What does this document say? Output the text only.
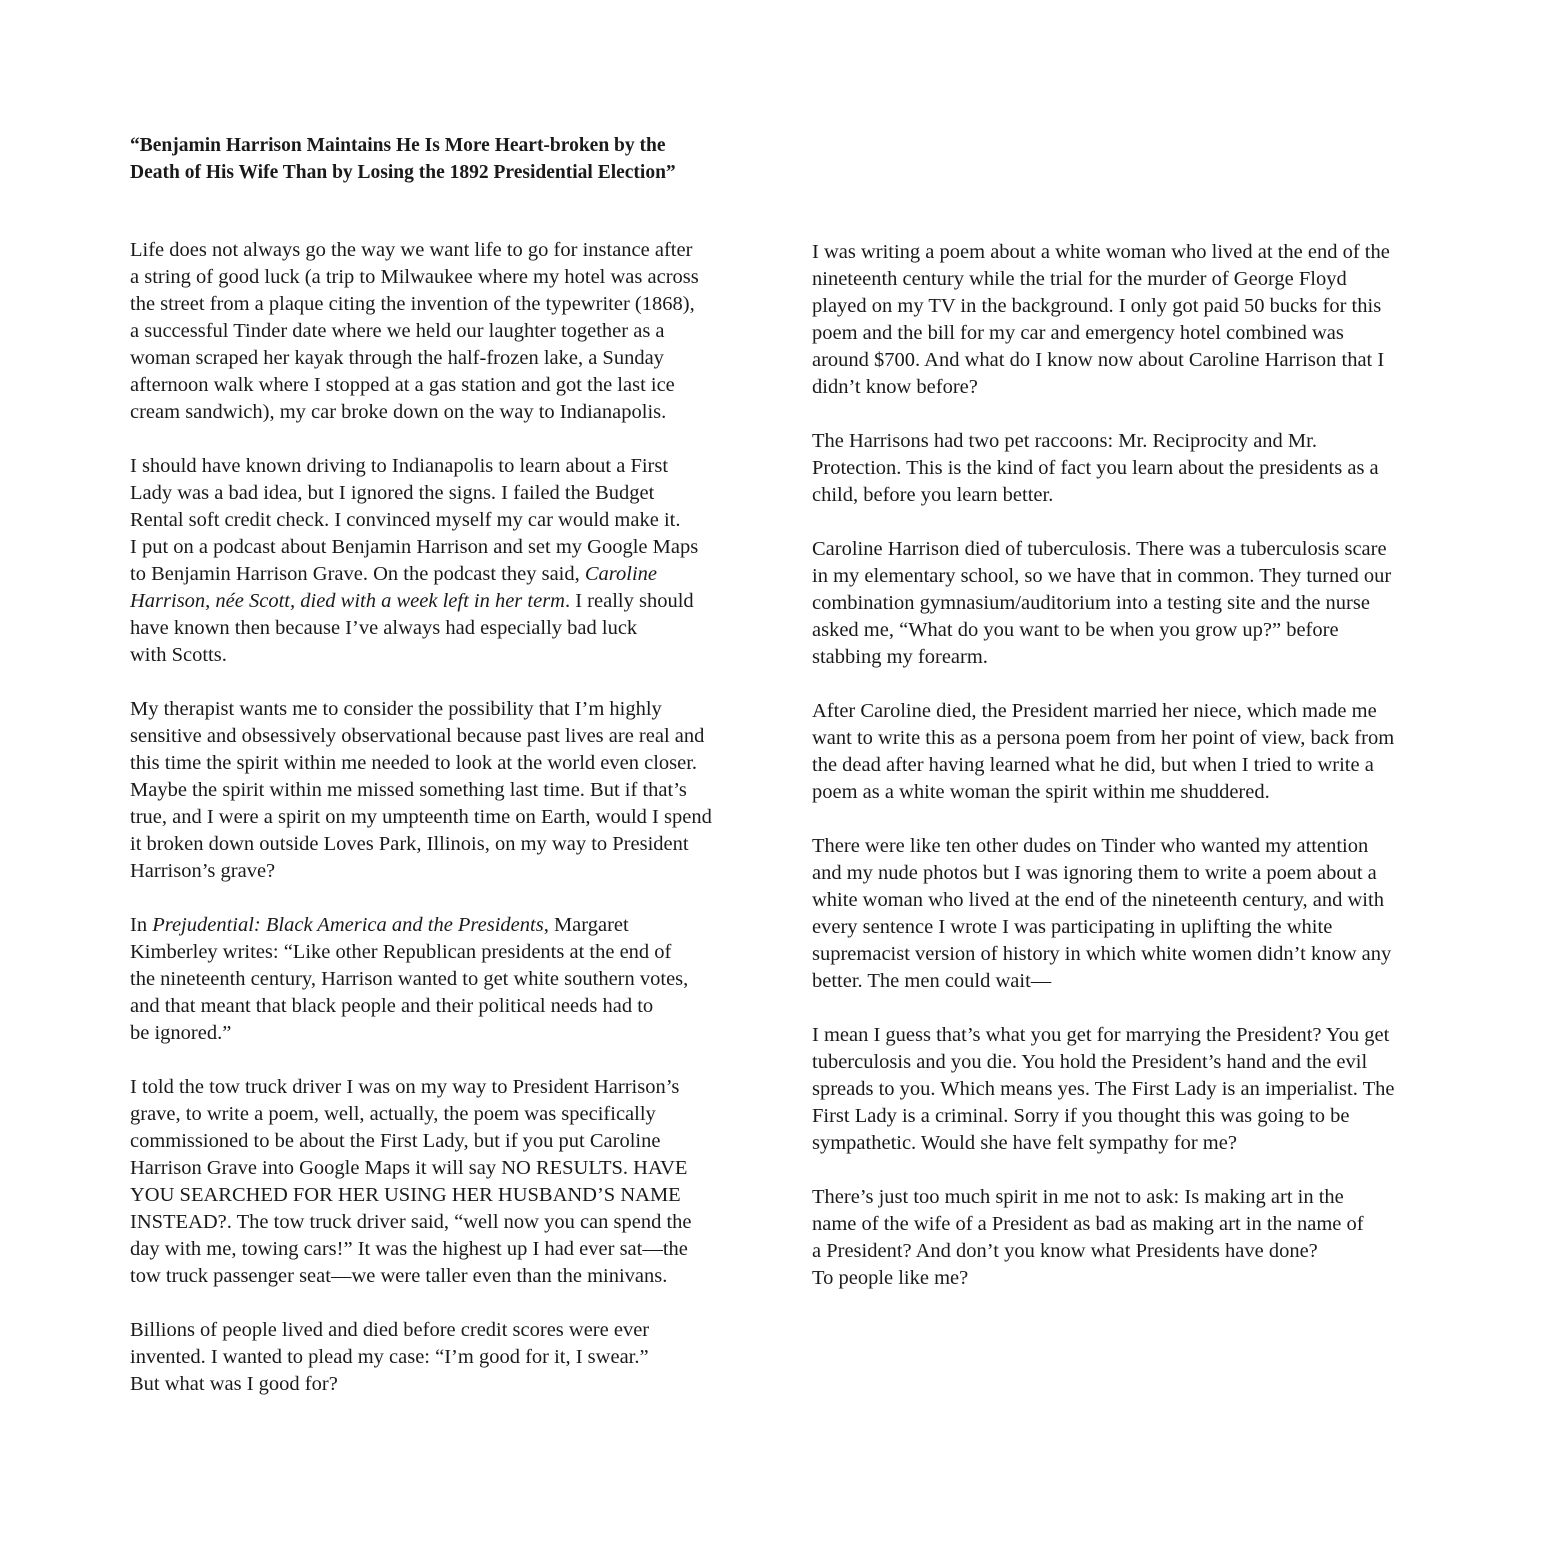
“Benjamin Harrison Maintains He Is More Heart-broken by the
Death of His Wife Than by Losing the 1892 Presidential Election”

Life does not always go the way we want life to go for instance after
a string of good luck (a trip to Milwaukee where my hotel was across
the street from a plaque citing the invention of the typewriter (1868),
a successful Tinder date where we held our laughter together as a
woman scraped her kayak through the half-frozen lake, a Sunday
afternoon walk where I stopped at a gas station and got the last ice
cream sandwich), my car broke down on the way to Indianapolis.

I should have known driving to Indianapolis to learn about a First
Lady was a bad idea, but I ignored the signs. I failed the Budget
Rental soft credit check. I convinced myself my car would make it.
I put on a podcast about Benjamin Harrison and set my Google Maps
to Benjamin Harrison Grave. On the podcast they said, Caroline
Harrison, née Scott, died with a week left in her term. I really should
have known then because I’ve always had especially bad luck
with Scotts.

My therapist wants me to consider the possibility that I’m highly
sensitive and obsessively observational because past lives are real and
this time the spirit within me needed to look at the world even closer.
Maybe the spirit within me missed something last time. But if that’s
true, and I were a spirit on my umpteenth time on Earth, would I spend
it broken down outside Loves Park, Illinois, on my way to President
Harrison’s grave?

In Prejudential: Black America and the Presidents, Margaret
Kimberley writes: “Like other Republican presidents at the end of
the nineteenth century, Harrison wanted to get white southern votes,
and that meant that black people and their political needs had to
be ignored.”

I told the tow truck driver I was on my way to President Harrison’s
grave, to write a poem, well, actually, the poem was specifically
commissioned to be about the First Lady, but if you put Caroline
Harrison Grave into Google Maps it will say NO RESULTS. HAVE
YOU SEARCHED FOR HER USING HER HUSBAND’S NAME
INSTEAD?. The tow truck driver said, “well now you can spend the
day with me, towing cars!” It was the highest up I had ever sat—the
tow truck passenger seat—we were taller even than the minivans.

Billions of people lived and died before credit scores were ever
invented. I wanted to plead my case: “I’m good for it, I swear.”
But what was I good for?

I was writing a poem about a white woman who lived at the end of the
nineteenth century while the trial for the murder of George Floyd
played on my TV in the background. I only got paid 50 bucks for this
poem and the bill for my car and emergency hotel combined was
around $700. And what do I know now about Caroline Harrison that I
didn’t know before?

The Harrisons had two pet raccoons: Mr. Reciprocity and Mr.
Protection. This is the kind of fact you learn about the presidents as a
child, before you learn better.

Caroline Harrison died of tuberculosis. There was a tuberculosis scare
in my elementary school, so we have that in common. They turned our
combination gymnasium/auditorium into a testing site and the nurse
asked me, “What do you want to be when you grow up?” before
stabbing my forearm.

After Caroline died, the President married her niece, which made me
want to write this as a persona poem from her point of view, back from
the dead after having learned what he did, but when I tried to write a
poem as a white woman the spirit within me shuddered.

There were like ten other dudes on Tinder who wanted my attention
and my nude photos but I was ignoring them to write a poem about a
white woman who lived at the end of the nineteenth century, and with
every sentence I wrote I was participating in uplifting the white
supremacist version of history in which white women didn’t know any
better. The men could wait—

I mean I guess that’s what you get for marrying the President? You get
tuberculosis and you die. You hold the President’s hand and the evil
spreads to you. Which means yes. The First Lady is an imperialist. The
First Lady is a criminal. Sorry if you thought this was going to be
sympathetic. Would she have felt sympathy for me?

There’s just too much spirit in me not to ask: Is making art in the
name of the wife of a President as bad as making art in the name of
a President? And don’t you know what Presidents have done?
To people like me?
